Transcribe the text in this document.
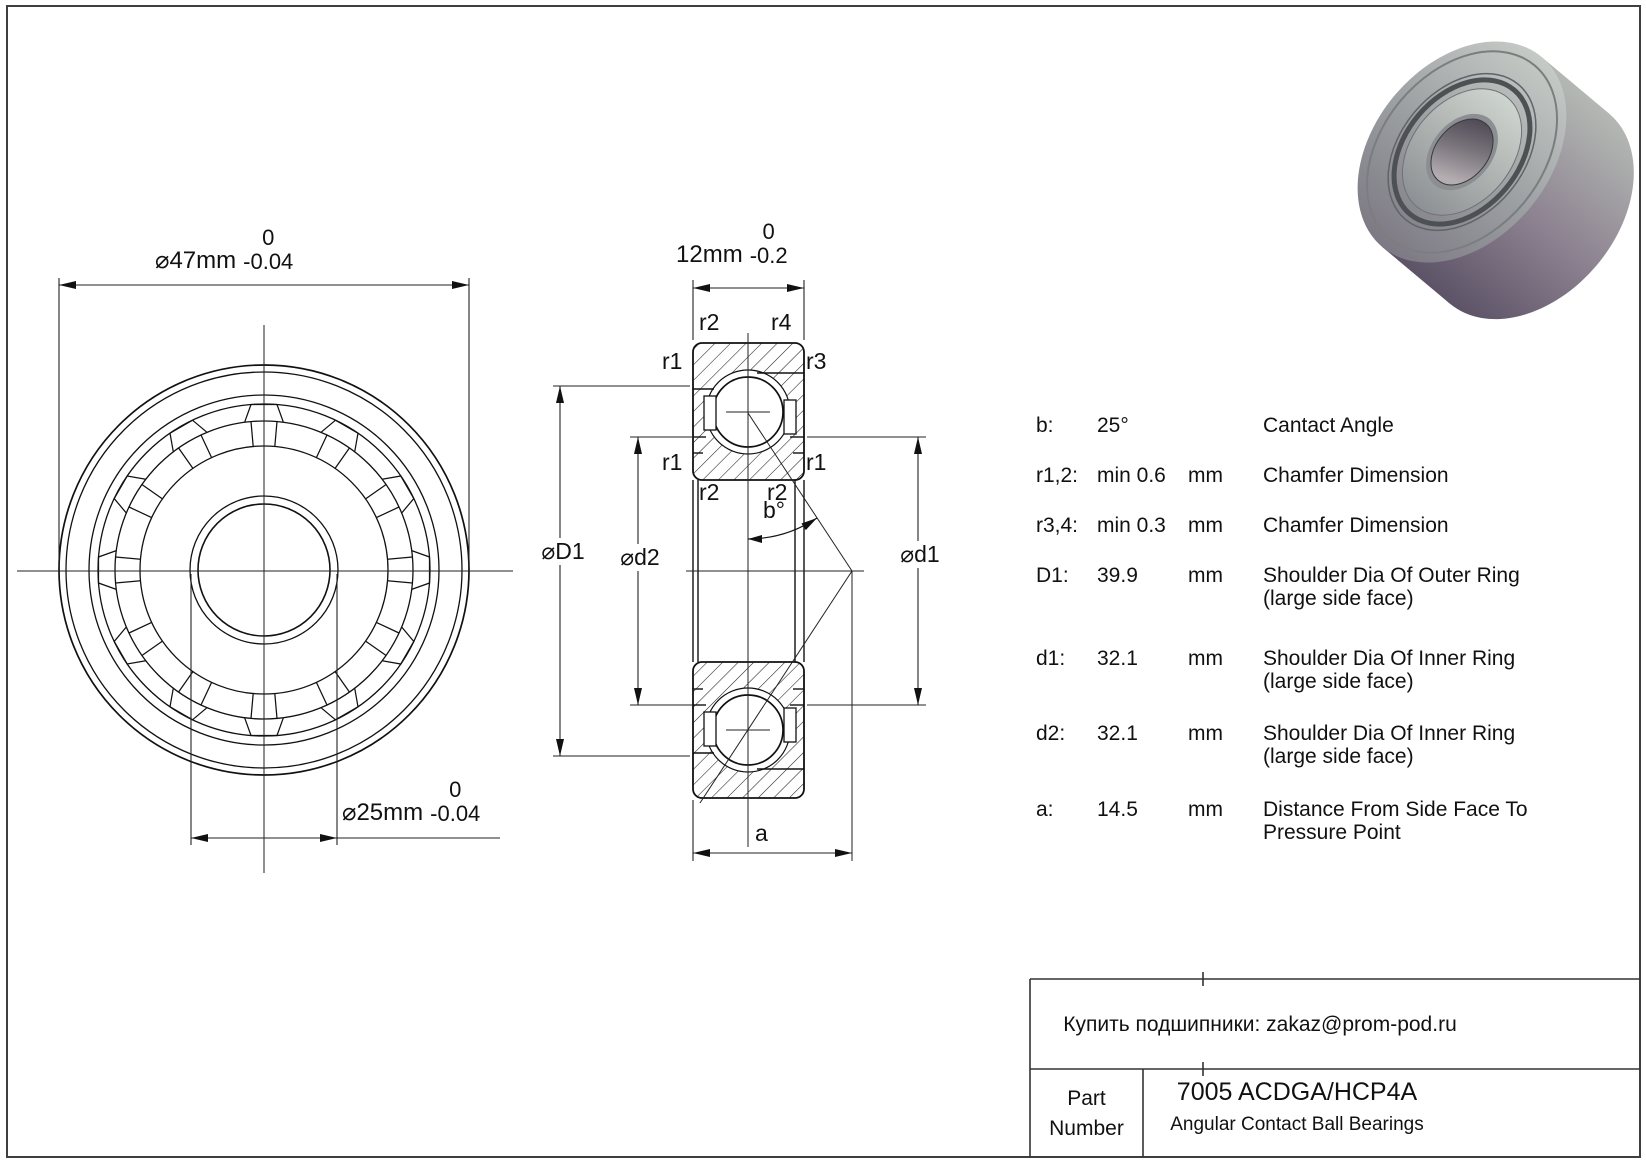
⌀47mm
0
-0.04
⌀25mm
0
-0.04
12mm
0
-0.2
r2 r4
r1	r3
r1	r1
r2 r2
b°
⌀D1	⌀d2	⌀d1
a
b: 25°	Cantact Angle
r1,2: min 0.6 mm Chamfer Dimension
r3,4: min 0.3 mm Chamfer Dimension
D1: 39.9 mm Shoulder Dia Of Outer Ring
(large side face)
d1: 32.1 mm Shoulder Dia Of Inner Ring
(large side face)
d2: 32.1 mm Shoulder Dia Of Inner Ring
(large side face)
a: 14.5 mm Distance From Side Face To
Pressure Point
Купить подшипники: zakaz@prom-pod.ru
Part
Number
7005 ACDGA/HCP4A
Angular Contact Ball Bearings
